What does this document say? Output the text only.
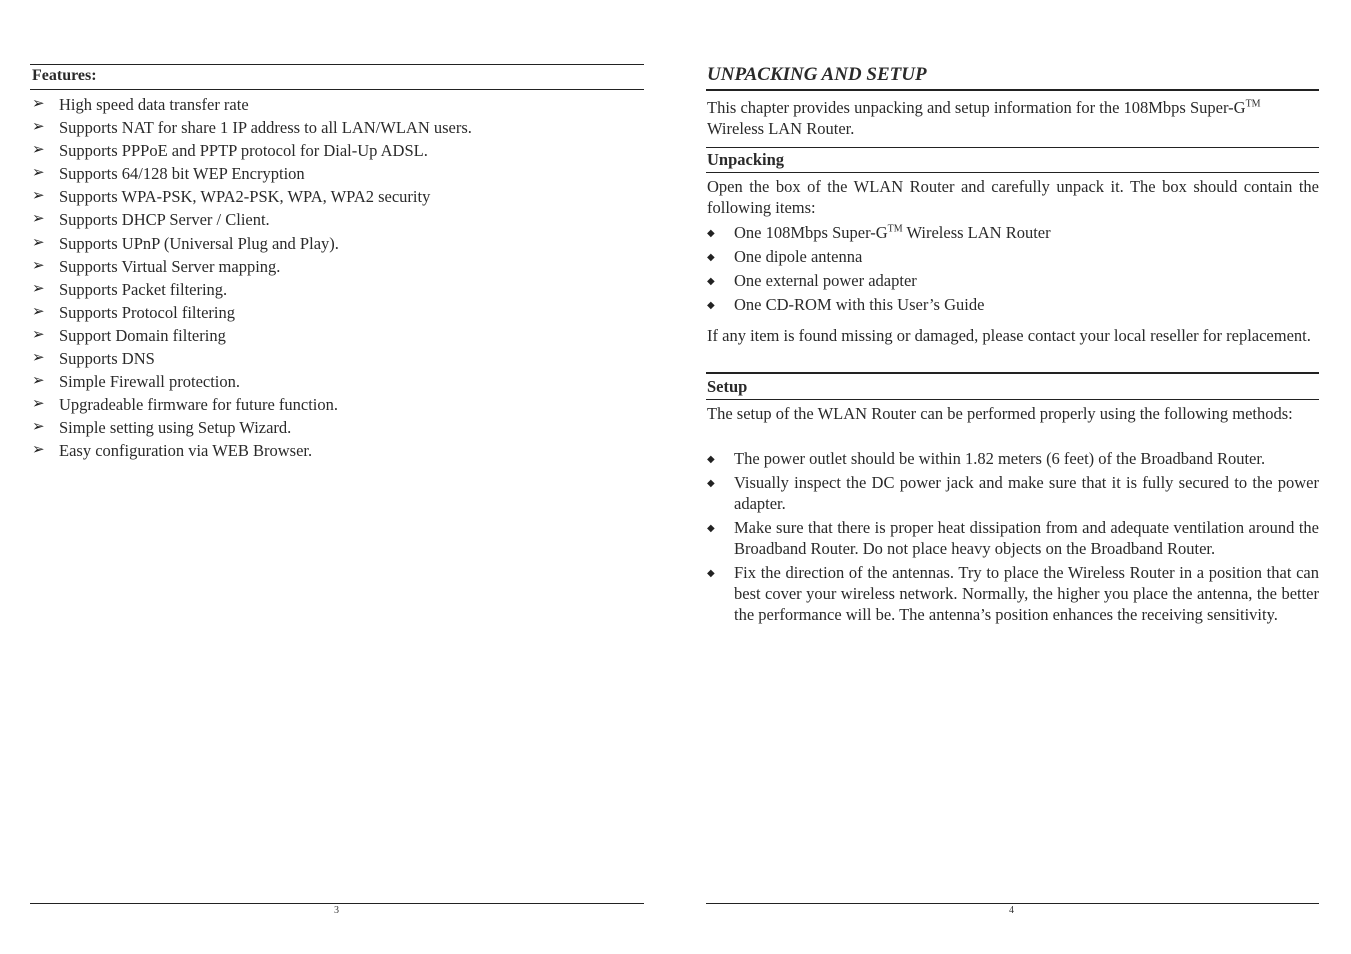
Features:
➢ High speed data transfer rate
➢ Supports NAT for share 1 IP address to all LAN/WLAN users.
➢ Supports PPPoE and PPTP protocol for Dial-Up ADSL.
➢ Supports 64/128 bit WEP Encryption
➢ Supports WPA-PSK, WPA2-PSK, WPA, WPA2 security
➢ Supports DHCP Server / Client.
➢ Supports UPnP (Universal Plug and Play).
➢ Supports Virtual Server mapping.
➢ Supports Packet filtering.
➢ Supports Protocol filtering
➢ Support Domain filtering
➢ Supports DNS
➢ Simple Firewall protection.
➢ Upgradeable firmware for future function.
➢ Simple setting using Setup Wizard.
➢ Easy configuration via WEB Browser.
3
UNPACKING AND SETUP
This chapter provides unpacking and setup information for the 108Mbps Super-G™
Wireless LAN Router.
Unpacking
Open the box of the WLAN Router and carefully unpack it. The box should contain the following items:
◆ One 108Mbps Super-G™ Wireless LAN Router
◆ One dipole antenna
◆ One external power adapter
◆ One CD-ROM with this User’s Guide
If any item is found missing or damaged, please contact your local reseller for replacement.
Setup
The setup of the WLAN Router can be performed properly using the following methods:
◆ The power outlet should be within 1.82 meters (6 feet) of the Broadband Router.
◆ Visually inspect the DC power jack and make sure that it is fully secured to the power adapter.
◆ Make sure that there is proper heat dissipation from and adequate ventilation around the Broadband Router. Do not place heavy objects on the Broadband Router.
◆ Fix the direction of the antennas. Try to place the Wireless Router in a position that can best cover your wireless network. Normally, the higher you place the antenna, the better the performance will be. The antenna’s position enhances the receiving sensitivity.
4
